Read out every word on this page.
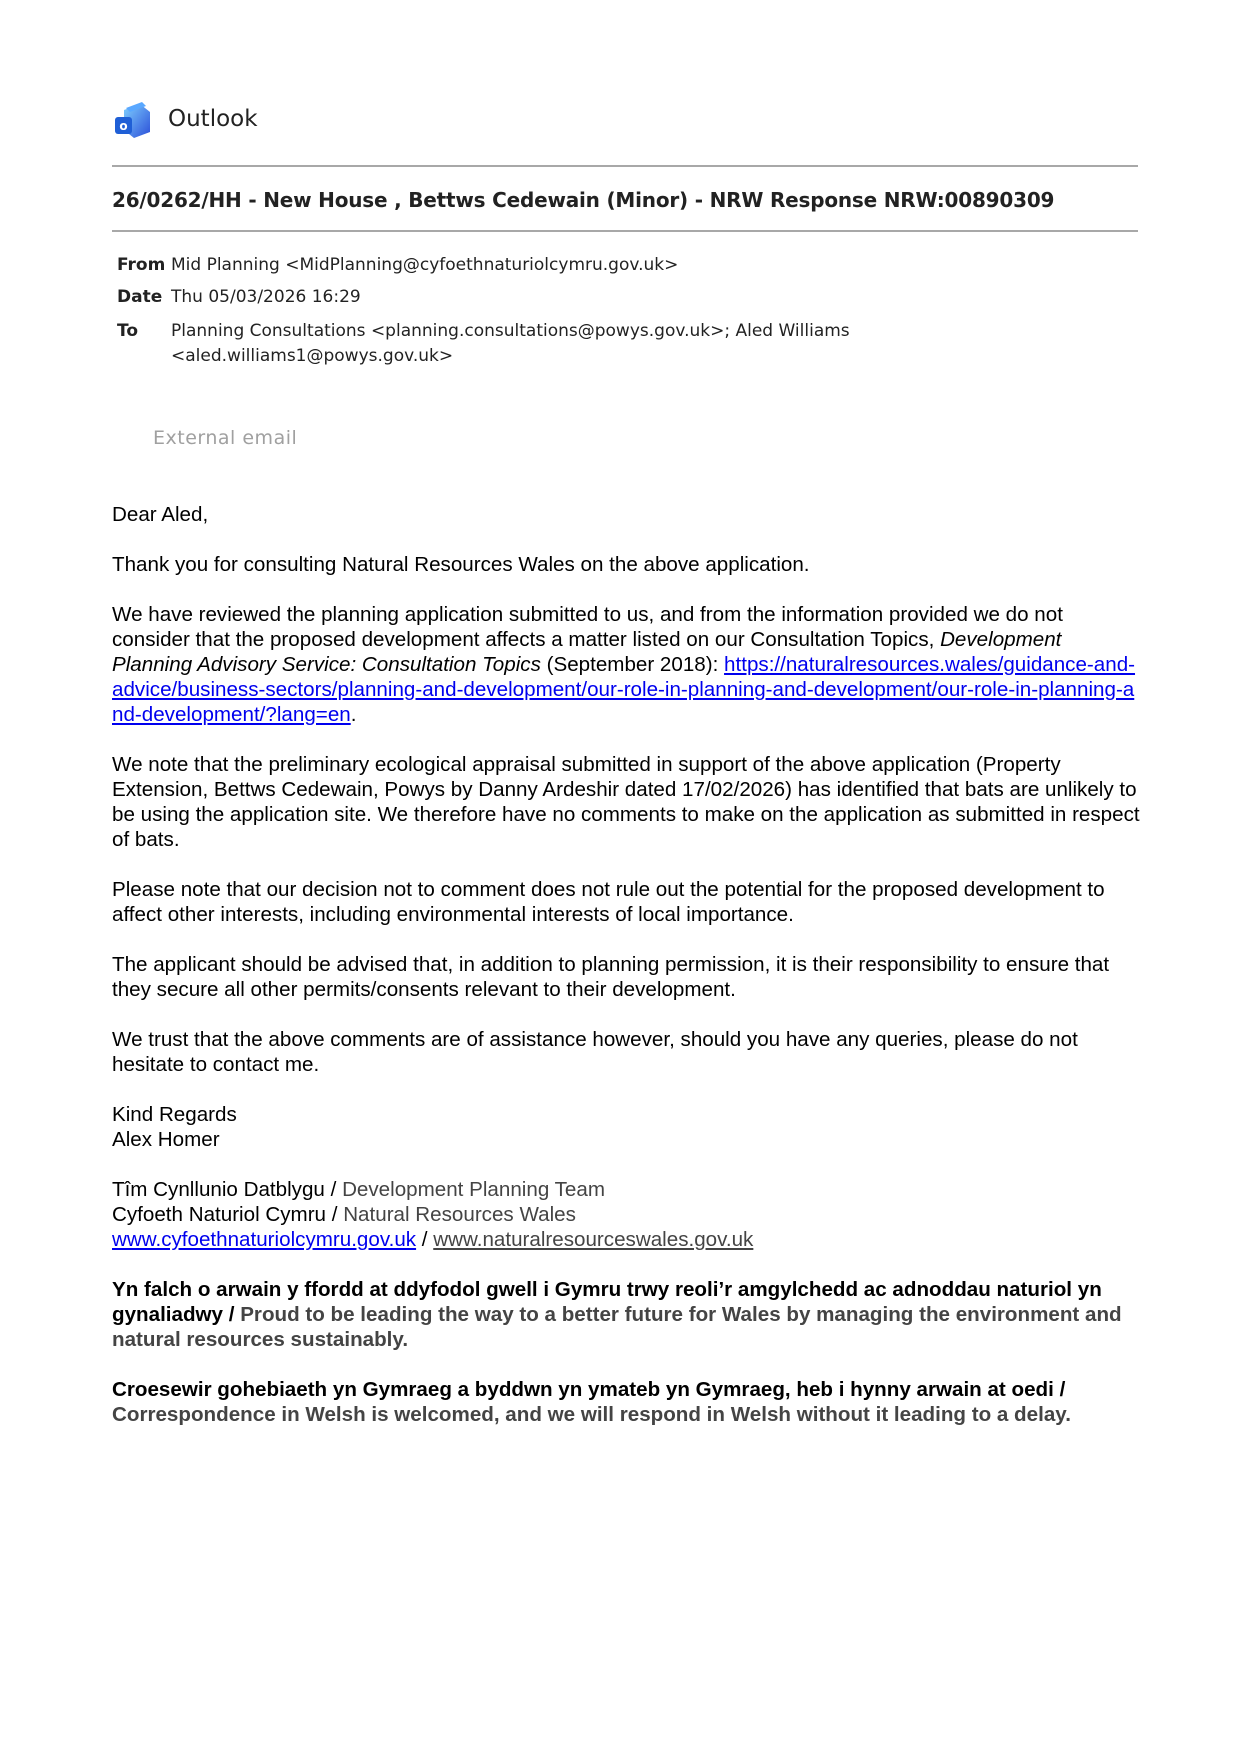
o Outlook
26/0262/HH - New House , Bettws Cedewain (Minor) - NRW Response NRW:00890309
From Mid Planning <MidPlanning@cyfoethnaturiolcymru.gov.uk>
Date Thu 05/03/2026 16:29
To Planning Consultations <planning.consultations@powys.gov.uk>; Aled Williams
<aled.williams1@powys.gov.uk>
External email

Dear Aled,

Thank you for consulting Natural Resources Wales on the above application.

We have reviewed the planning application submitted to us, and from the information provided we do not consider that the proposed development affects a matter listed on our Consultation Topics, Development Planning Advisory Service: Consultation Topics (September 2018): https://naturalresources.wales/guidance-and-advice/business-sectors/planning-and-development/our-role-in-planning-and-development/our-role-in-planning-and-development/?lang=en.

We note that the preliminary ecological appraisal submitted in support of the above application (Property Extension, Bettws Cedewain, Powys by Danny Ardeshir dated 17/02/2026) has identified that bats are unlikely to be using the application site. We therefore have no comments to make on the application as submitted in respect of bats.

Please note that our decision not to comment does not rule out the potential for the proposed development to affect other interests, including environmental interests of local importance.

The applicant should be advised that, in addition to planning permission, it is their responsibility to ensure that they secure all other permits/consents relevant to their development.

We trust that the above comments are of assistance however, should you have any queries, please do not hesitate to contact me.

Kind Regards
Alex Homer

Tîm Cynllunio Datblygu / Development Planning Team
Cyfoeth Naturiol Cymru / Natural Resources Wales
www.cyfoethnaturiolcymru.gov.uk / www.naturalresourceswales.gov.uk

Yn falch o arwain y ffordd at ddyfodol gwell i Gymru trwy reoli’r amgylchedd ac adnoddau naturiol yn gynaliadwy / Proud to be leading the way to a better future for Wales by managing the environment and natural resources sustainably.

Croesewir gohebiaeth yn Gymraeg a byddwn yn ymateb yn Gymraeg, heb i hynny arwain at oedi / Correspondence in Welsh is welcomed, and we will respond in Welsh without it leading to a delay.
